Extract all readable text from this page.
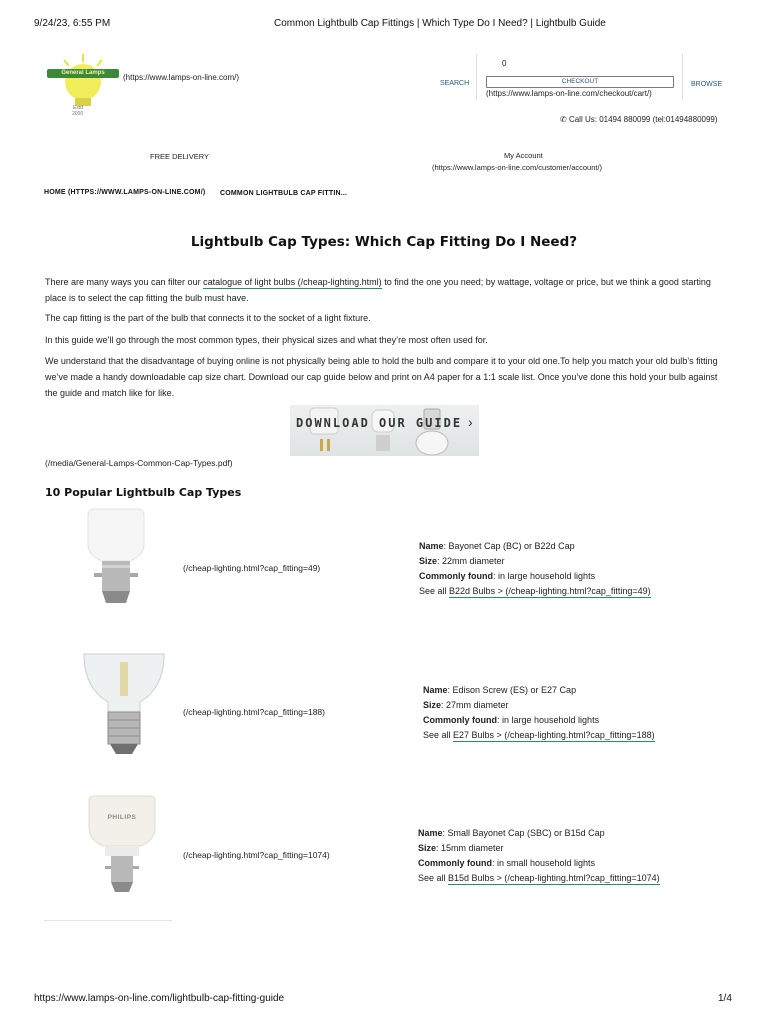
9/24/23, 6:55 PM	Common Lightbulb Cap Fittings | Which Type Do I Need? | Lightbulb Guide
General Lamps
Estd
2000
(https://www.lamps-on-line.com/)
SEARCH
0
CHECKOUT
(https://www.lamps-on-line.com/checkout/cart/)
BROWSE
✆ Call Us: 01494 880099 (tel:01494880099)
FREE DELIVERY	My Account
(https://www.lamps-on-line.com/customer/account/)
HOME (HTTPS://WWW.LAMPS-ON-LINE.COM/) COMMON LIGHTBULB CAP FITTIN...
Lightbulb Cap Types: Which Cap Fitting Do I Need?
There are many ways you can filter our catalogue of light bulbs (/cheap-lighting.html) to find the one you need; by wattage, voltage or price, but we think a good starting place is to select the cap fitting the bulb must have.
The cap fitting is the part of the bulb that connects it to the socket of a light fixture.
In this guide we’ll go through the most common types, their physical sizes and what they’re most often used for.
We understand that the disadvantage of buying online is not physically being able to hold the bulb and compare it to your old one.To help you match your old bulb’s fitting we’ve made a handy downloadable cap size chart. Download our cap guide below and print on A4 paper for a 1:1 scale list. Once you’ve done this hold your bulb against the guide and match like for like.
DOWNLOAD OUR GUIDE ›
(/media/General-Lamps-Common-Cap-Types.pdf)
10 Popular Lightbulb Cap Types
(/cheap-lighting.html?cap_fitting=49)
Name: Bayonet Cap (BC) or B22d Cap
Size: 22mm diameter
Commonly found: in large household lights
See all B22d Bulbs > (/cheap-lighting.html?cap_fitting=49)
(/cheap-lighting.html?cap_fitting=188)
Name: Edison Screw (ES) or E27 Cap
Size: 27mm diameter
Commonly found: in large household lights
See all E27 Bulbs > (/cheap-lighting.html?cap_fitting=188)
PHILIPS
(/cheap-lighting.html?cap_fitting=1074)
Name: Small Bayonet Cap (SBC) or B15d Cap
Size: 15mm diameter
Commonly found: in small household lights
See all B15d Bulbs > (/cheap-lighting.html?cap_fitting=1074)
https://www.lamps-on-line.com/lightbulb-cap-fitting-guide	1/4
